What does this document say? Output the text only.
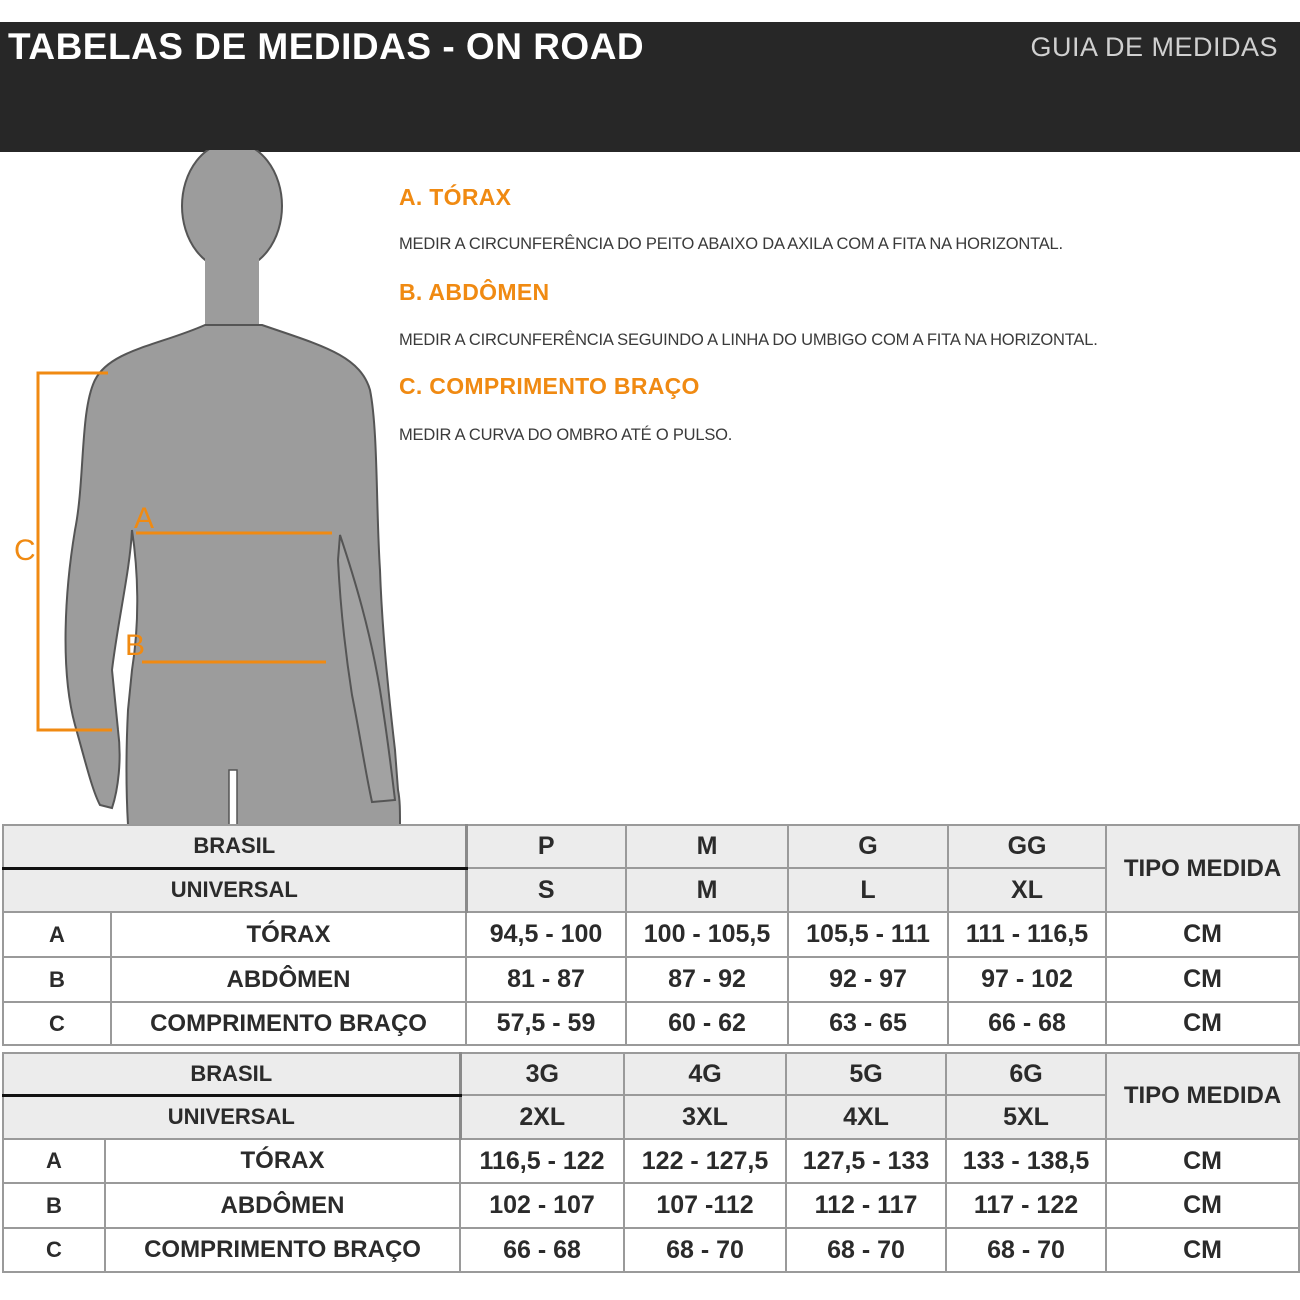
TABELAS DE MEDIDAS - ON ROAD	GUIA DE MEDIDAS
A
B
C
A. TÓRAX
MEDIR A CIRCUNFERÊNCIA DO PEITO ABAIXO DA AXILA COM A FITA NA HORIZONTAL.
B. ABDÔMEN
MEDIR A CIRCUNFERÊNCIA SEGUINDO A LINHA DO UMBIGO COM A FITA NA HORIZONTAL.
C. COMPRIMENTO BRAÇO
MEDIR A CURVA DO OMBRO ATÉ O PULSO.
BRASIL		P	M	G	GG	TIPO MEDIDA
UNIVERSAL		S	M	L	XL	
A	TÓRAX	94,5 - 100	100 - 105,5	105,5 - 111	111 - 116,5	CM
B	ABDÔMEN	81 - 87	87 - 92	92 - 97	97 - 102	CM
C	COMPRIMENTO BRAÇO	57,5 - 59	60 - 62	63 - 65	66 - 68	CM
BRASIL		3G	4G	5G	6G	TIPO MEDIDA
UNIVERSAL		2XL	3XL	4XL	5XL	
A	TÓRAX	116,5 - 122	122 - 127,5	127,5 - 133	133 - 138,5	CM
B	ABDÔMEN	102 - 107	107 -112	112 - 117	117 - 122	CM
C	COMPRIMENTO BRAÇO	66 - 68	68 - 70	68 - 70	68 - 70	CM
